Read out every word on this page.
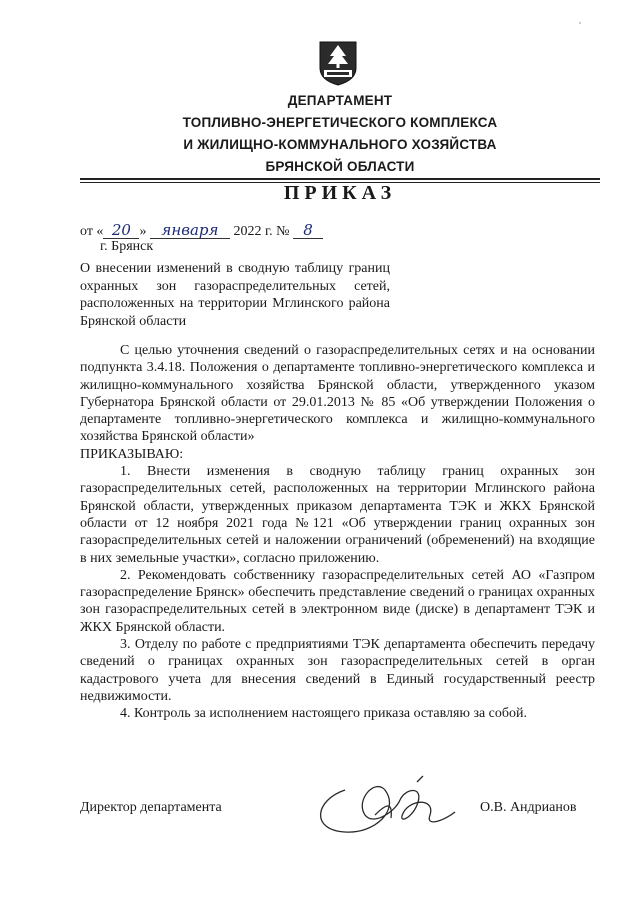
ДЕПАРТАМЕНТ
ТОПЛИВНО-ЭНЕРГЕТИЧЕСКОГО КОМПЛЕКСА
И ЖИЛИЩНО-КОММУНАЛЬНОГО ХОЗЯЙСТВА
БРЯНСКОЙ ОБЛАСТИ
ПРИКАЗ
от « 20 » января 2022 г. № 8
г. Брянск
О внесении изменений в сводную таблицу границ охранных зон газораспределительных сетей, расположенных на территории Мглинского района Брянской области

С целью уточнения сведений о газораспределительных сетях и на основании подпункта 3.4.18. Положения о департаменте топливно-энергетического комплекса и жилищно-коммунального хозяйства Брянской области, утвержденного указом Губернатора Брянской области от 29.01.2013 № 85 «Об утверждении Положения о департаменте топливно-энергетического комплекса и жилищно-коммунального хозяйства Брянской области»

ПРИКАЗЫВАЮ:

1. Внести изменения в сводную таблицу границ охранных зон газораспределительных сетей, расположенных на территории Мглинского района Брянской области, утвержденных приказом департамента ТЭК и ЖКХ Брянской области от 12 ноября 2021 года №121 «Об утверждении границ охранных зон газораспределительных сетей и наложении ограничений (обременений) на входящие в них земельные участки», согласно приложению.

2. Рекомендовать собственнику газораспределительных сетей АО «Газпром газораспределение Брянск» обеспечить представление сведений о границах охранных зон газораспределительных сетей в электронном виде (диске) в департамент ТЭК и ЖКХ Брянской области.

3. Отделу по работе с предприятиями ТЭК департамента обеспечить передачу сведений о границах охранных зон газораспределительных сетей в орган кадастрового учета для внесения сведений в Единый государственный реестр недвижимости.

4. Контроль за исполнением настоящего приказа оставляю за собой.

Директор департамента	О.В. Андрианов
